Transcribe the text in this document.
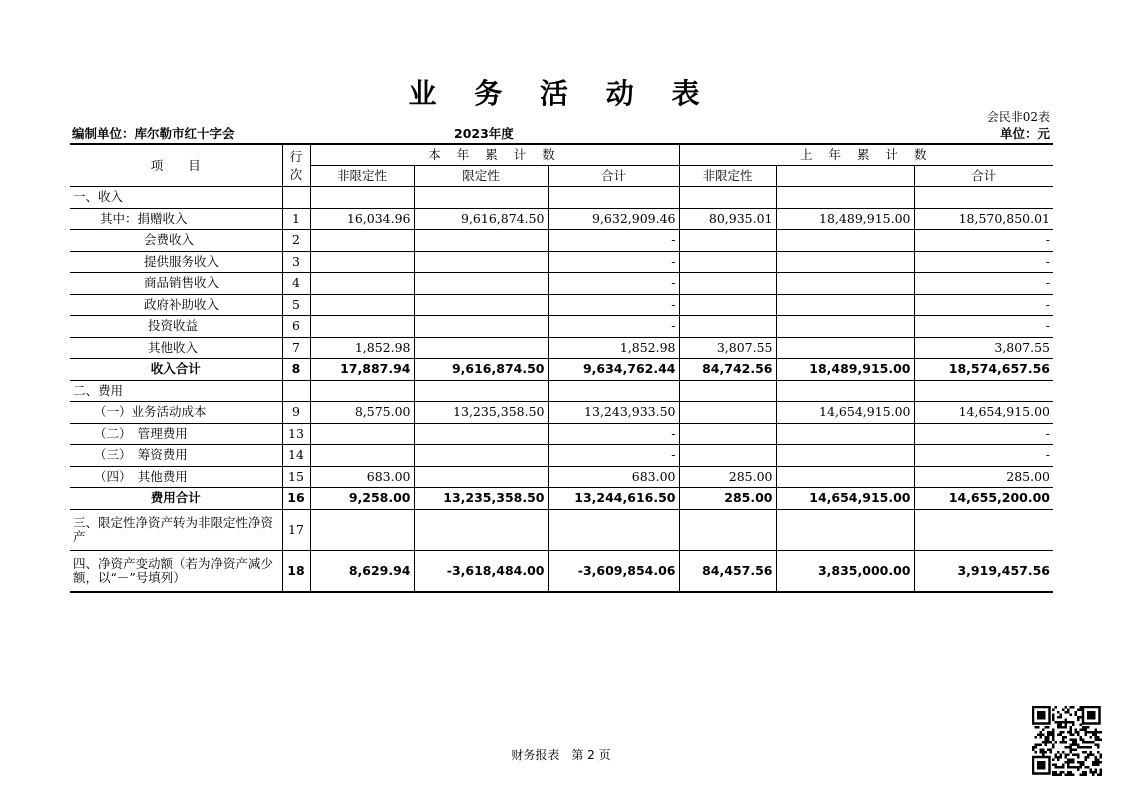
业 务 活 动 表
会民非02表
编制单位：库尔勒市红十字会	2023年度	单位：元
项　　目	行
次	本 年 累 计 数			上 年 累 计 数		
		非限定性	限定性	合计	非限定性		合计
一、收入							
其中：捐赠收入	1	16,034.96	9,616,874.50	9,632,909.46	80,935.01	18,489,915.00	18,570,850.01
会费收入	2			-			-
提供服务收入	3			-			-
商品销售收入	4			-			-
政府补助收入	5			-			-
投资收益	6			-			-
其他收入	7	1,852.98		1,852.98	3,807.55		3,807.55
收入合计	8	17,887.94	9,616,874.50	9,634,762.44	84,742.56	18,489,915.00	18,574,657.56
二、费用							
（一）业务活动成本	9	8,575.00	13,235,358.50	13,243,933.50		14,654,915.00	14,654,915.00
（二）　管理费用	13			-			-
（三）　筹资费用	14			-			-
（四）　其他费用	15	683.00		683.00	285.00		285.00
费用合计	16	9,258.00	13,235,358.50	13,244,616.50	285.00	14,654,915.00	14,655,200.00
三、限定性净资产转为非限定性净资产	17						
四、净资产变动额（若为净资产减少额，以“－”号填列）	18	8,629.94	-3,618,484.00	-3,609,854.06	84,457.56	3,835,000.00	3,919,457.56
财务报表　第 2 页
